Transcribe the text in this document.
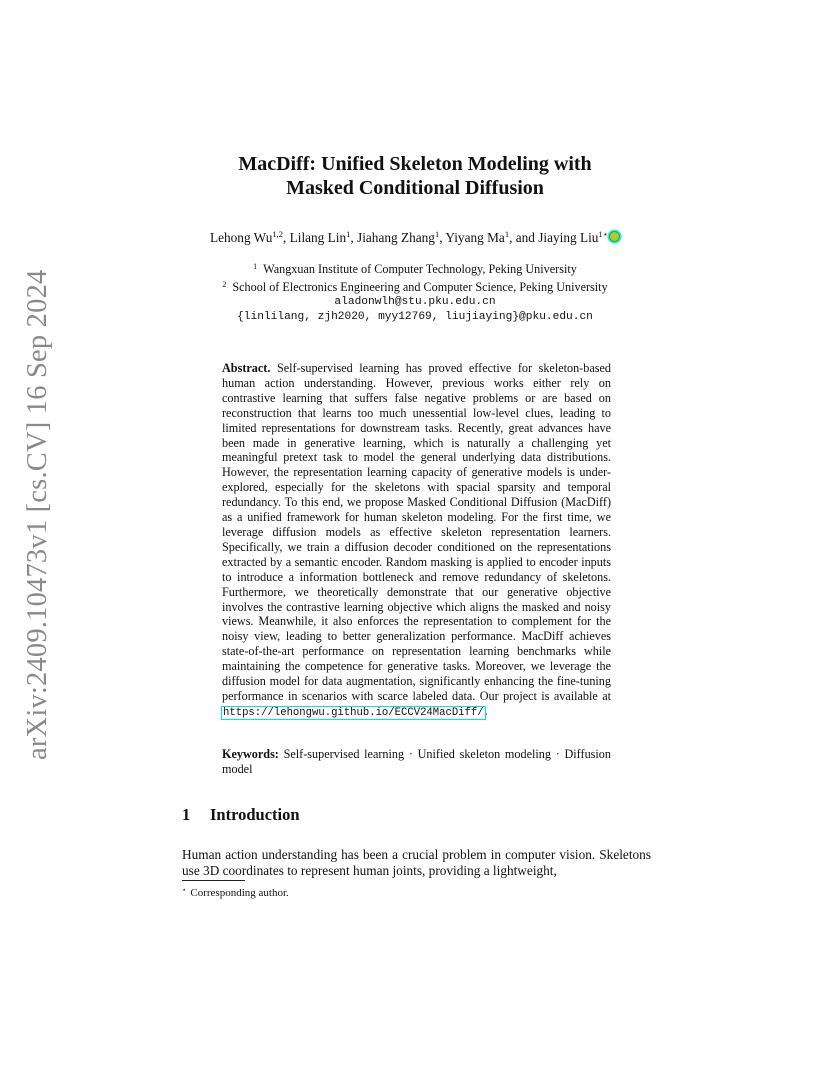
arXiv:2409.10473v1 [cs.CV] 16 Sep 2024
MacDiff: Unified Skeleton Modeling with
Masked Conditional Diffusion
Lehong Wu$^{1,2}$, Lilang Lin$^1$, Jiahang Zhang$^1$, Yiyang Ma$^1$, and Jiaying Liu$^{1⋆}$
$^1$ Wangxuan Institute of Computer Technology, Peking University
$^2$ School of Electronics Engineering and Computer Science, Peking University
aladonwlh@stu.pku.edu.cn
{linlilang, zjh2020, myy12769, liujiaying}@pku.edu.cn
Abstract. Self-supervised learning has proved effective for skeleton-based human action understanding. However, previous works either rely on contrastive learning that suffers false negative problems or are based on reconstruction that learns too much unessential low-level clues, leading to limited representations for downstream tasks. Recently, great advances have been made in generative learning, which is naturally a challenging yet meaningful pretext task to model the general underlying data distributions. However, the representation learning capacity of generative models is under-explored, especially for the skeletons with spacial sparsity and temporal redundancy. To this end, we propose Masked Conditional Diffusion (MacDiff) as a unified framework for human skeleton modeling. For the first time, we leverage diffusion models as effective skeleton representation learners. Specifically, we train a diffusion decoder conditioned on the representations extracted by a semantic encoder. Random masking is applied to encoder inputs to introduce a information bottleneck and remove redundancy of skeletons. Furthermore, we theoretically demonstrate that our generative objective involves the contrastive learning objective which aligns the masked and noisy views. Meanwhile, it also enforces the representation to complement for the noisy view, leading to better generalization performance. MacDiff achieves state-of-the-art performance on representation learning benchmarks while maintaining the competence for generative tasks. Moreover, we leverage the diffusion model for data augmentation, significantly enhancing the fine-tuning performance in scenarios with scarce labeled data. Our project is available at https://lehongwu.github.io/ECCV24MacDiff/.
Keywords: Self-supervised learning · Unified skeleton modeling · Diffusion model
1 Introduction
Human action understanding has been a crucial problem in computer vision. Skeletons use 3D coordinates to represent human joints, providing a lightweight,
⋆ Corresponding author.
